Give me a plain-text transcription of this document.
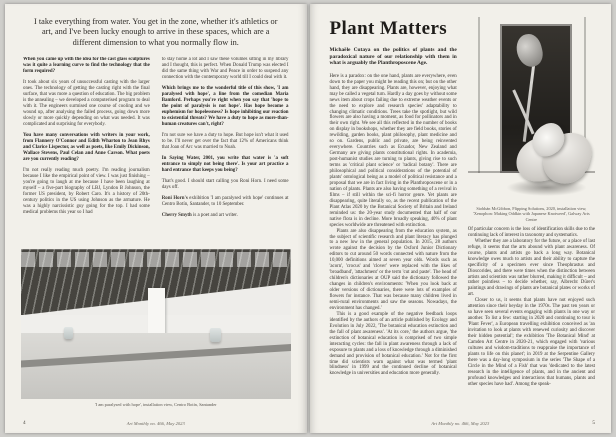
I take everything from water. You get in the zone, whether it's athletics or art, and I've been lucky enough to arrive in these spaces, which are a different dimension to what you normally flow in.

When you came up with the idea for the cast glass sculptures was it quite a learning curve to find the technology that the form required?

It took about six years of unsuccessful casting with the larger ones. The technology of getting the casting right with the final surface, that was more a question of education. The big problem is the annealing – we developed a computerised program to deal with it. The engineers surmised one course of cooling and we wound up, after analysing the failed process, going down more slowly or more quickly depending on what was needed. It was complicated and surprising for everybody.

You have many conversations with writers in your work, from Flannery O'Connor and Edith Wharton to Jean Rhys and Clarice Lispector, as well as poets, like Emily Dickinson, Wallace Stevens, Paul Celan and Anne Carson. What poets are you currently reading?

I'm not really reading much poetry. I'm reading journalism because I like the empirical point of view. I was just finishing – you're going to laugh at me because I have been laughing at myself – a five-part biography of LBJ, Lyndon B Johnson, the former US president, by Robert Caro. It's a history of 20th-century politics in the US using Johnson as the armature. He was a highly narcissistic guy going for the top. I had some medical problems this year so I had

to stay home a lot and I saw these volumes sitting in my library and I thought, this is perfect. When Donald Trump was elected I did the same thing with War and Peace in order to suspend any connection with the contemporary world till I could deal with it.

Which brings me to the wonderful title of this show, 'I am paralysed with hope', a line from the comedian Maria Bamford. Perhaps you're right when you say that 'hope to the point of paralysis is not hope'. Has hope become a euphemism for hopelessness? Is hope inhibiting our reaction to existential threats? We have a duty to hope as more-than-human creatures can't, right?

I'm not sure we have a duty to hope. But hope isn't what it used to be. I'll never get over the fact that 12% of Americans think that Joan of Arc was married to Noah.

In Saying Water, 2001, you write that water is 'a soft entrance to simply not being there'. Is your art practice a hard entrance that keeps you being?

That's good. I should start calling you Roni Horn. I need some days off.

Roni Horn's exhibition 'I am paralysed with hope' continues at Centro Botín, Santander, to 10 September.

Cherry Smyth is a poet and art writer.

'I am paralysed with hope', installation view, Centro Botín, Santander
4	Art Monthly no. 466, May 2023
Plant Matters

Michaële Cutaya on the politics of plants and the paradoxical nature of our relationship with them in what is arguably the Planthroposcene Age.

Here is a paradox: on the one hand, plants are everywhere, even down to the paper you might be reading this on; but on the other hand, they are disappearing. Plants are, however, enjoying what may be called a vegetal turn. Hardly a day goes by without some news item about crops failing due to extreme weather events or the need to explore and research species' adaptability to changing climatic conditions. Trees take the spotlight, but wild flowers are also having a moment, as food for pollinators and in their own right. We see all this reflected in the number of books on display in bookshops, whether they are field books, stories of rewilding, garden books, plant philosophy, plant medicine and so on. Gardens, public and private, are being reinvented everywhere. Countries such as Ecuador, New Zealand and Germany are giving plants constitutional rights. In academia, post-humanist studies are turning to plants, giving rise to such terms as 'critical plant science' or 'radical botany'. There are philosophical and political considerations of the potential of plants' ontological being as a model of political resistance and a proposal that we are in fact living in the Planthroposcene or in a nation of plants. Plants are also having something of a revival in films – if still within the sci-fi horror genre. Yet plants are disappearing, quite literally so, as the recent publication of the Plant Atlas 2020 by the Botanical Society of Britain and Ireland reminded us: the 20-year study documented that half of our native flora is in decline. More broadly speaking, 40% of plant species worldwide are threatened with extinction.

Plants are also disappearing from the education system, as the subject of scientific research and plant literacy has plunged to a new low in the general population. In 2015, 28 authors wrote against the decision by the Oxford Junior Dictionary editors to cut around 50 words connected with nature from the 10,000 definitions aimed at seven year olds. Words such as 'acorn', 'crocus' and 'clover' were replaced with the likes of 'broadband', 'attachment' or the term 'cut and paste'. The head of children's dictionaries at OUP said the dictionary followed the changes in children's environments: 'When you look back at older versions of dictionaries, there were lots of examples of flowers for instance. That was because many children lived in semi-rural environments and saw the seasons. Nowadays, the environment has changed.'

This is a good example of the negative feedback loops identified by the authors of an article published by Ecology and Evolution in July 2022, 'The botanical education extinction and the fall of plant awareness'. 'At its core,' the authors argue, 'the extinction of botanical education is comprised of two simple interacting cycles: the fall in plant awareness through a lack of exposure to plants and a loss of knowledge through a diminished demand and provision of botanical education.' Not for the first time did scientists warn against what was termed 'plant blindness' in 1999 and the continued decline of botanical knowledge in universities and education more generally.

Siobhán McGibbon, Flipping Solutions, 2020, installation view, 'Xenophon: Making Oddkin with Japanese Knotweed', Galway Arts Centre

Of particular concern is the loss of identification skills due to the continuing lack of interest in taxonomy and systematics.

Whether they are a laboratory for the future, or a place of last refuge, it seems that the arts abound with plant awareness. Of course, plants and artists go back a long way. Botanical knowledge owes much to artists and their ability to capture the specificity of a specimen ever since Theophrastus and Dioscorides, and there were times when the distinction between artists and scientists was rather blurred, making it difficult – and rather pointless – to decide whether, say, Albrecht Dürer's paintings and drawings of plants are botanical plates or works of art.

Closer to us, it seems that plants have not enjoyed such attention since their heyday in the 1970s. The past ten years or so have seen several events engaging with plants in one way or another. To list a few: starting in 2020 and continuing to tour is 'Plant Fever', a European travelling exhibition conceived as 'an invitation to look at plants with renewed curiosity and discover their hidden potential'; the exhibition 'The Botanical Mind' at Camden Art Centre in 2020-21, which engaged with 'various cultures and wisdom-traditions to reappraise the importance of plants to life on this planet'; in 2019 at the Serpentine Gallery there was a day-long symposium in the series 'The Shape of a Circle in the Mind of a Fish' that was 'dedicated to the latest research in the intelligence of plants, and in the ancient and profound knowledges and interactions that humans, plants and other species have had'. Among the speak-

Art Monthly no. 466, May 2023	5
